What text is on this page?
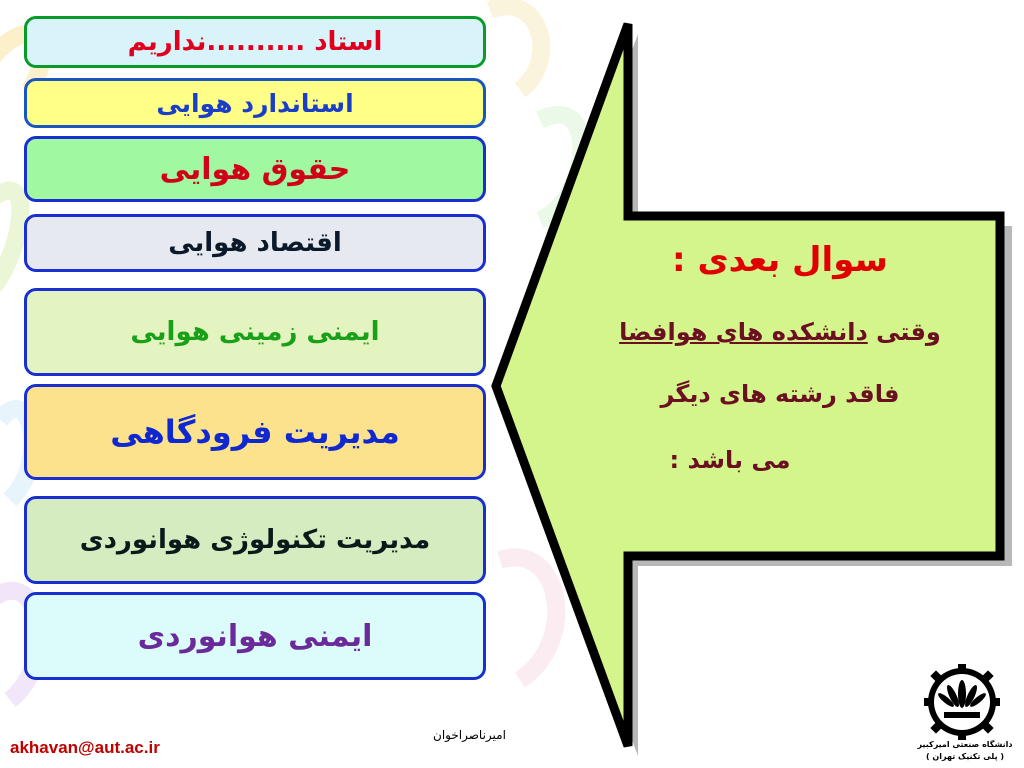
استاد ..........نداریم
استاندارد هوایی
حقوق هوایی
اقتصاد هوایی
ایمنی زمینی هوایی
مدیریت فرودگاهی
مدیریت تکنولوژی هوانوردی
ایمنی هوانوردی
سوال بعدی :
وقتی دانشکده های هوافضا
فاقد رشته های دیگر
می باشد :
امیرناصراخوان
akhavan@aut.ac.ir	دانشگاه صنعتی امیرکبیر
( پلی تکنیک تهران )
